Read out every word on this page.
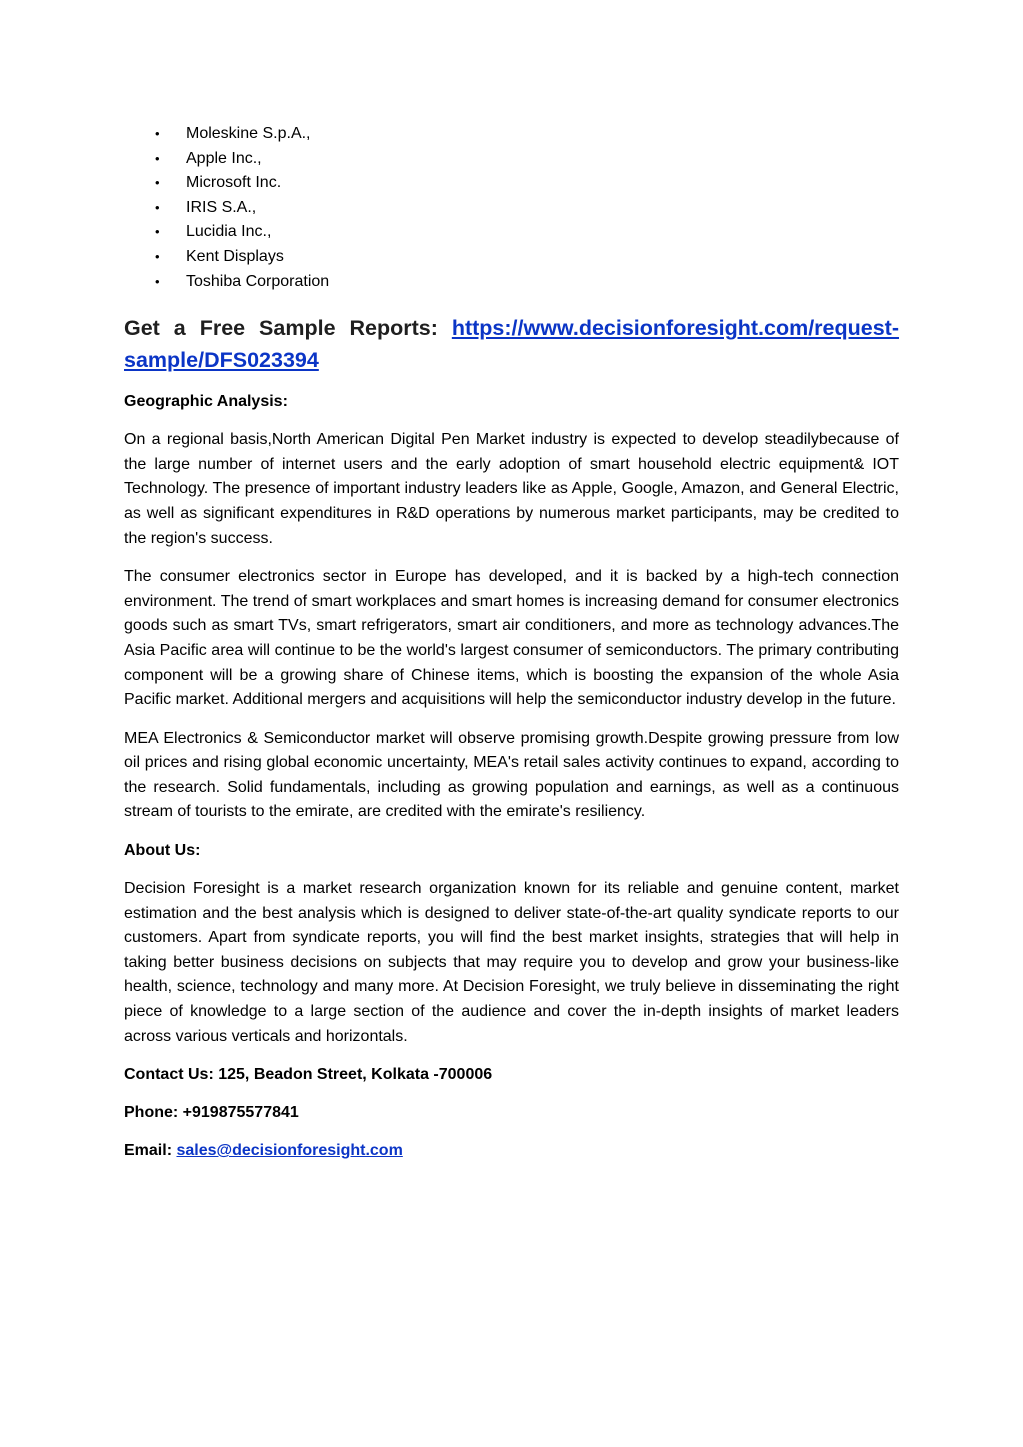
• Moleskine S.p.A.,
• Apple Inc.,
• Microsoft Inc.
• IRIS S.A.,
• Lucidia Inc.,
• Kent Displays
• Toshiba Corporation
Get a Free Sample Reports: https://www.decisionforesight.com/request-sample/DFS023394
Geographic Analysis:

On a regional basis,North American Digital Pen Market industry is expected to develop steadilybecause of the large number of internet users and the early adoption of smart household electric equipment& IOT Technology. The presence of important industry leaders like as Apple, Google, Amazon, and General Electric, as well as significant expenditures in R&D operations by numerous market participants, may be credited to the region's success.

The consumer electronics sector in Europe has developed, and it is backed by a high-tech connection environment. The trend of smart workplaces and smart homes is increasing demand for consumer electronics goods such as smart TVs, smart refrigerators, smart air conditioners, and more as technology advances.The Asia Pacific area will continue to be the world's largest consumer of semiconductors. The primary contributing component will be a growing share of Chinese items, which is boosting the expansion of the whole Asia Pacific market. Additional mergers and acquisitions will help the semiconductor industry develop in the future.

MEA Electronics & Semiconductor market will observe promising growth.Despite growing pressure from low oil prices and rising global economic uncertainty, MEA's retail sales activity continues to expand, according to the research. Solid fundamentals, including as growing population and earnings, as well as a continuous stream of tourists to the emirate, are credited with the emirate's resiliency.

About Us:

Decision Foresight is a market research organization known for its reliable and genuine content, market estimation and the best analysis which is designed to deliver state-of-the-art quality syndicate reports to our customers. Apart from syndicate reports, you will find the best market insights, strategies that will help in taking better business decisions on subjects that may require you to develop and grow your business-like health, science, technology and many more. At Decision Foresight, we truly believe in disseminating the right piece of knowledge to a large section of the audience and cover the in-depth insights of market leaders across various verticals and horizontals.

Contact Us: 125, Beadon Street, Kolkata -700006
Phone: +919875577841
Email: sales@decisionforesight.com
